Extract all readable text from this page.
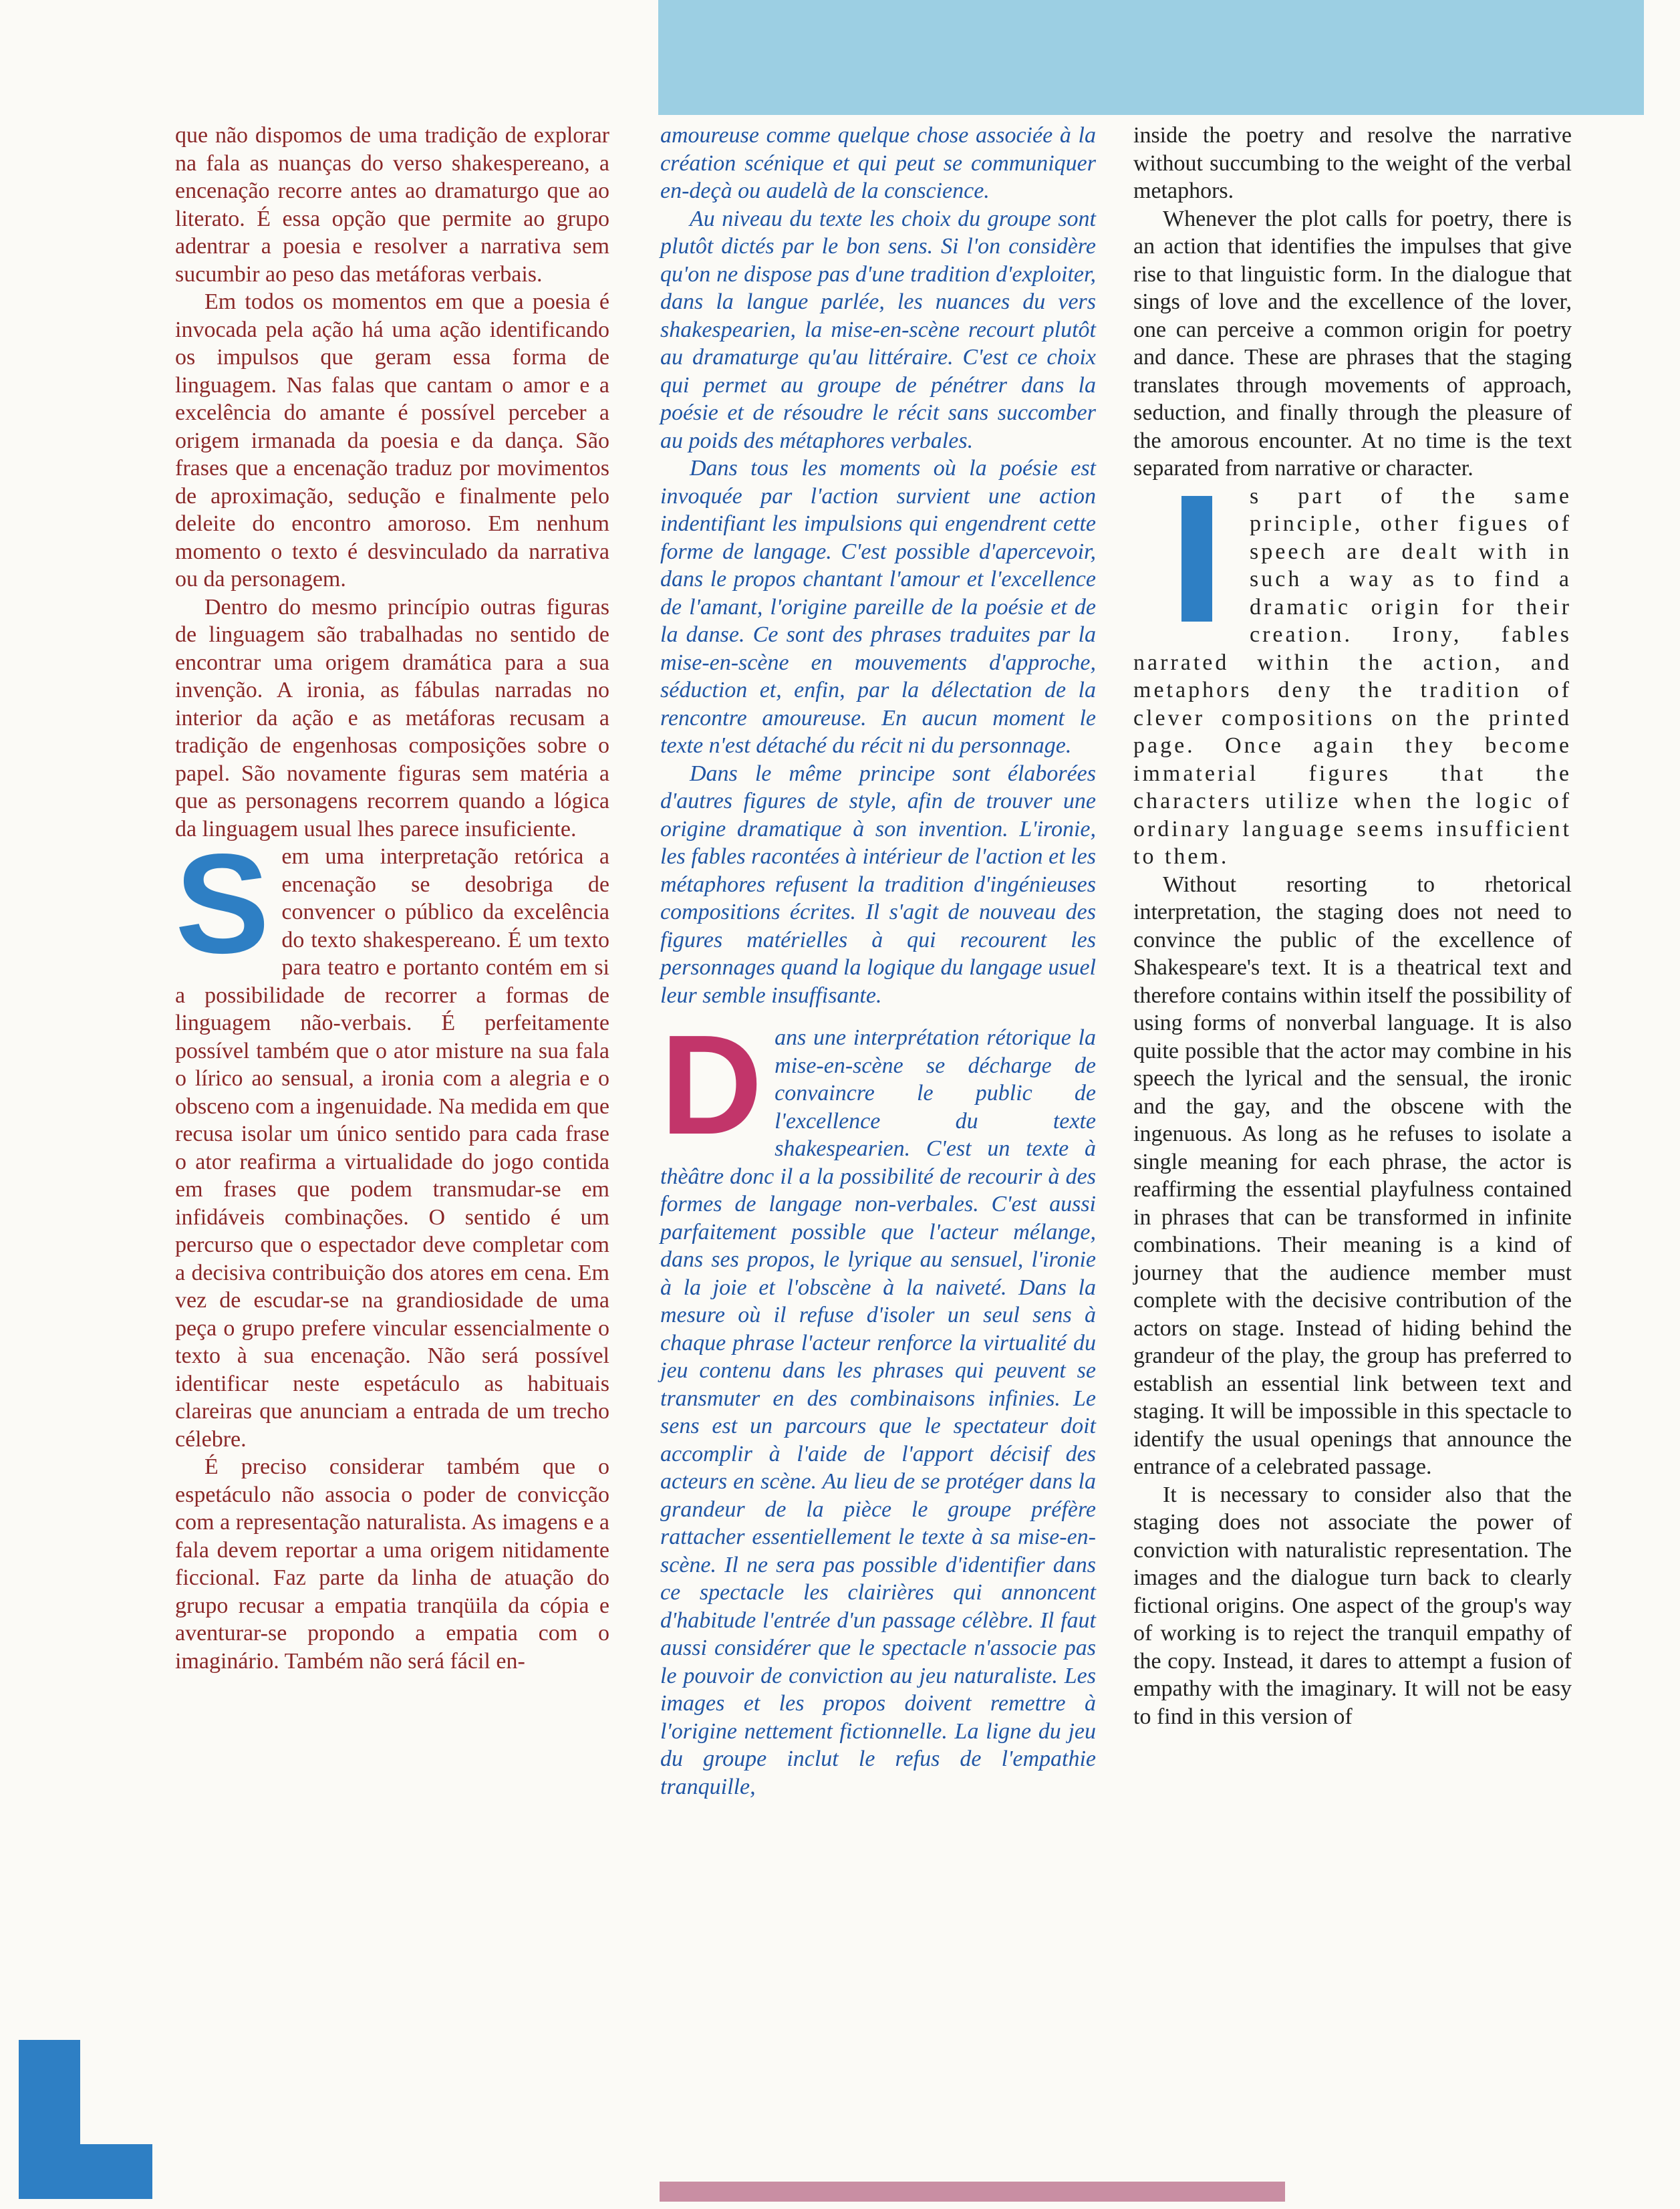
que não dispomos de uma tradição de explorar na fala as nuanças do verso shakespereano, a encenação recorre antes ao dramaturgo que ao literato. É essa opção que permite ao grupo adentrar a poesia e resolver a narrativa sem sucumbir ao peso das metáforas verbais.

Em todos os momentos em que a poesia é invocada pela ação há uma ação identificando os impulsos que geram essa forma de linguagem. Nas falas que cantam o amor e a excelência do amante é possível perceber a origem irmanada da poesia e da dança. São frases que a encenação traduz por movimentos de aproximação, sedução e finalmente pelo deleite do encontro amoroso. Em nenhum momento o texto é desvinculado da narrativa ou da personagem.

Dentro do mesmo princípio outras figuras de linguagem são trabalhadas no sentido de encontrar uma origem dramática para a sua invenção. A ironia, as fábulas narradas no interior da ação e as metáforas recusam a tradição de engenhosas composições sobre o papel. São novamente figuras sem matéria a que as personagens recorrem quando a lógica da linguagem usual lhes parece insuficiente.

Sem uma interpretação retórica a encenação se desobriga de convencer o público da excelência do texto shakespereano. É um texto para teatro e portanto contém em si a possibilidade de recorrer a formas de linguagem não-verbais. É perfeitamente possível também que o ator misture na sua fala o lírico ao sensual, a ironia com a alegria e o obsceno com a ingenuidade. Na medida em que recusa isolar um único sentido para cada frase o ator reafirma a virtualidade do jogo contida em frases que podem transmudar-se em infidáveis combinações. O sentido é um percurso que o espectador deve completar com a decisiva contribuição dos atores em cena. Em vez de escudar-se na grandiosidade de uma peça o grupo prefere vincular essencialmente o texto à sua encenação. Não será possível identificar neste espetáculo as habituais clareiras que anunciam a entrada de um trecho célebre.

É preciso considerar também que o espetáculo não associa o poder de convicção com a representação naturalista. As imagens e a fala devem reportar a uma origem nitidamente ficcional. Faz parte da linha de atuação do grupo recusar a empatia tranqüila da cópia e aventurar-se propondo a empatia com o imaginário. Também não será fácil en-

amoureuse comme quelque chose associée à la création scénique et qui peut se communiquer en-deçà ou audelà de la conscience.

Au niveau du texte les choix du groupe sont plutôt dictés par le bon sens. Si l'on considère qu'on ne dispose pas d'une tradition d'exploiter, dans la langue parlée, les nuances du vers shakespearien, la mise-en-scène recourt plutôt au dramaturge qu'au littéraire. C'est ce choix qui permet au groupe de pénétrer dans la poésie et de résoudre le récit sans succomber au poids des métaphores verbales.

Dans tous les moments où la poésie est invoquée par l'action survient une action indentifiant les impulsions qui engendrent cette forme de langage. C'est possible d'apercevoir, dans le propos chantant l'amour et l'excellence de l'amant, l'origine pareille de la poésie et de la danse. Ce sont des phrases traduites par la mise-en-scène en mouvements d'approche, séduction et, enfin, par la délectation de la rencontre amoureuse. En aucun moment le texte n'est détaché du récit ni du personnage.

Dans le même principe sont élaborées d'autres figures de style, afin de trouver une origine dramatique à son invention. L'ironie, les fables racontées à intérieur de l'action et les métaphores refusent la tradition d'ingénieuses compositions écrites. Il s'agit de nouveau des figures matérielles à qui recourent les personnages quand la logique du langage usuel leur semble insuffisante.

Dans une interprétation rétorique la mise-en-scène se décharge de convaincre le public de l'excellence du texte shakespearien. C'est un texte à thèâtre donc il a la possibilité de recourir à des formes de langage non-verbales. C'est aussi parfaitement possible que l'acteur mélange, dans ses propos, le lyrique au sensuel, l'ironie à la joie et l'obscène à la naiveté. Dans la mesure où il refuse d'isoler un seul sens à chaque phrase l'acteur renforce la virtualité du jeu contenu dans les phrases qui peuvent se transmuter en des combinaisons infinies. Le sens est un parcours que le spectateur doit accomplir à l'aide de l'apport décisif des acteurs en scène. Au lieu de se protéger dans la grandeur de la pièce le groupe préfère rattacher essentiellement le texte à sa mise-en-scène. Il ne sera pas possible d'identifier dans ce spectacle les clairières qui annoncent d'habitude l'entrée d'un passage célèbre. Il faut aussi considérer que le spectacle n'associe pas le pouvoir de conviction au jeu naturaliste. Les images et les propos doivent remettre à l'origine nettement fictionnelle. La ligne du jeu du groupe inclut le refus de l'empathie tranquille,

inside the poetry and resolve the narrative without succumbing to the weight of the verbal metaphors.

Whenever the plot calls for poetry, there is an action that identifies the impulses that give rise to that linguistic form. In the dialogue that sings of love and the excellence of the lover, one can perceive a common origin for poetry and dance. These are phrases that the staging translates through movements of approach, seduction, and finally through the pleasure of the amorous encounter. At no time is the text separated from narrative or character.

s part of the same principle, other figues of speech are dealt with in such a way as to find a dramatic origin for their creation. Irony, fables narrated within the action, and metaphors deny the tradition of clever compositions on the printed page. Once again they become immaterial figures that the characters utilize when the logic of ordinary language seems insufficient to them.

Without resorting to rhetorical interpretation, the staging does not need to convince the public of the excellence of Shakespeare's text. It is a theatrical text and therefore contains within itself the possibility of using forms of nonverbal language. It is also quite possible that the actor may combine in his speech the lyrical and the sensual, the ironic and the gay, and the obscene with the ingenuous. As long as he refuses to isolate a single meaning for each phrase, the actor is reaffirming the essential playfulness contained in phrases that can be transformed in infinite combinations. Their meaning is a kind of journey that the audience member must complete with the decisive contribution of the actors on stage. Instead of hiding behind the grandeur of the play, the group has preferred to establish an essential link between text and staging. It will be impossible in this spectacle to identify the usual openings that announce the entrance of a celebrated passage.

It is necessary to consider also that the staging does not associate the power of conviction with naturalistic representation. The images and the dialogue turn back to clearly fictional origins. One aspect of the group's way of working is to reject the tranquil empathy of the copy. Instead, it dares to attempt a fusion of empathy with the imaginary. It will not be easy to find in this version of
